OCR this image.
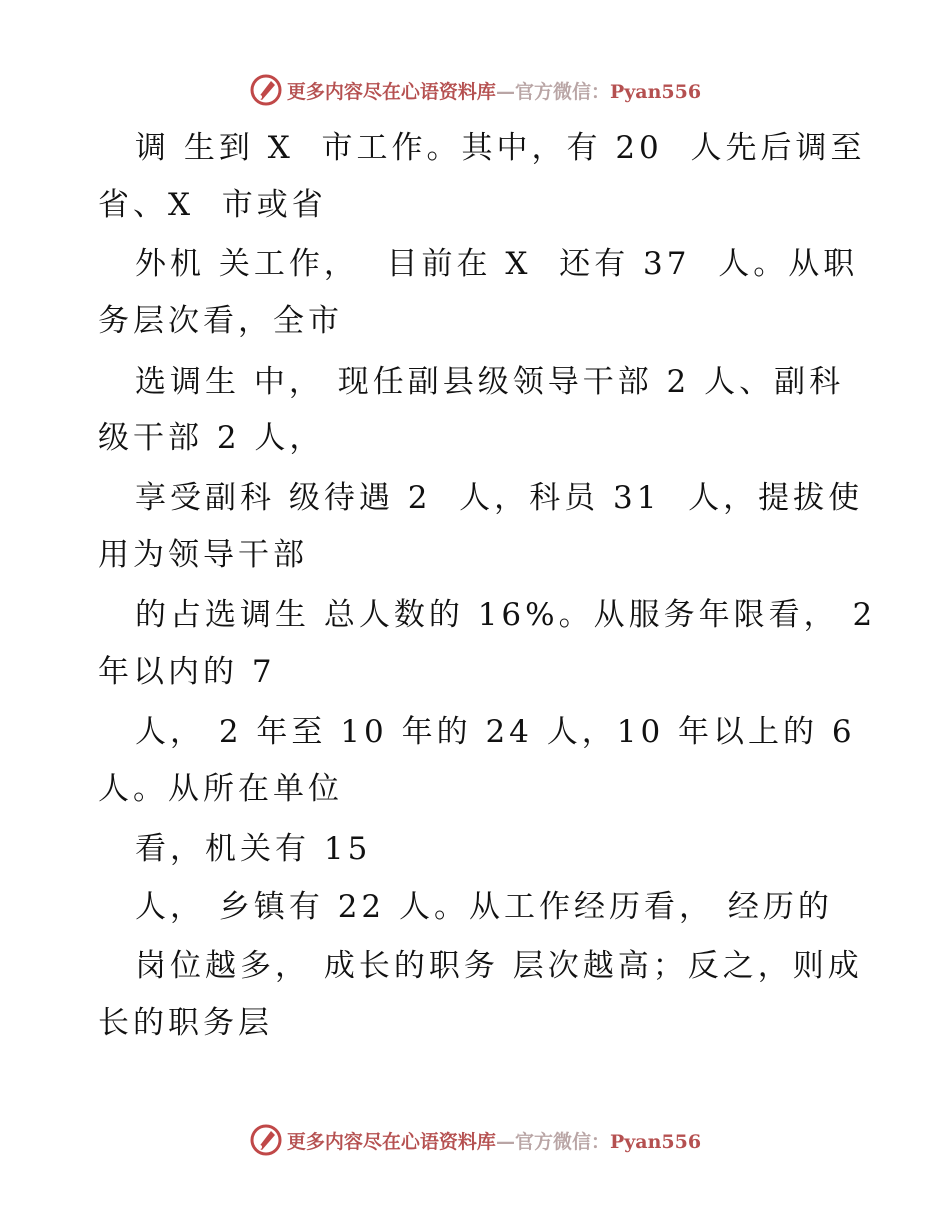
更多内容尽在心语资料库—官方微信：Pyan556
调 生到 X  市工作。其中，有 20  人先后调至
省、X  市或省
外机 关工作，  目前在 X  还有 37  人。从职
务层次看，全市
选调生 中， 现任副县级领导干部 2 人、副科
级干部 2 人，
享受副科 级待遇 2  人，科员 31  人，提拔使
用为领导干部
的占选调生 总人数的 16%。从服务年限看， 2
年以内的 7
人， 2 年至 10 年的 24 人，10 年以上的 6
人。从所在单位
看，机关有 15
人， 乡镇有 22 人。从工作经历看， 经历的
岗位越多， 成长的职务 层次越高；反之，则成
长的职务层
更多内容尽在心语资料库—官方微信：Pyan556
